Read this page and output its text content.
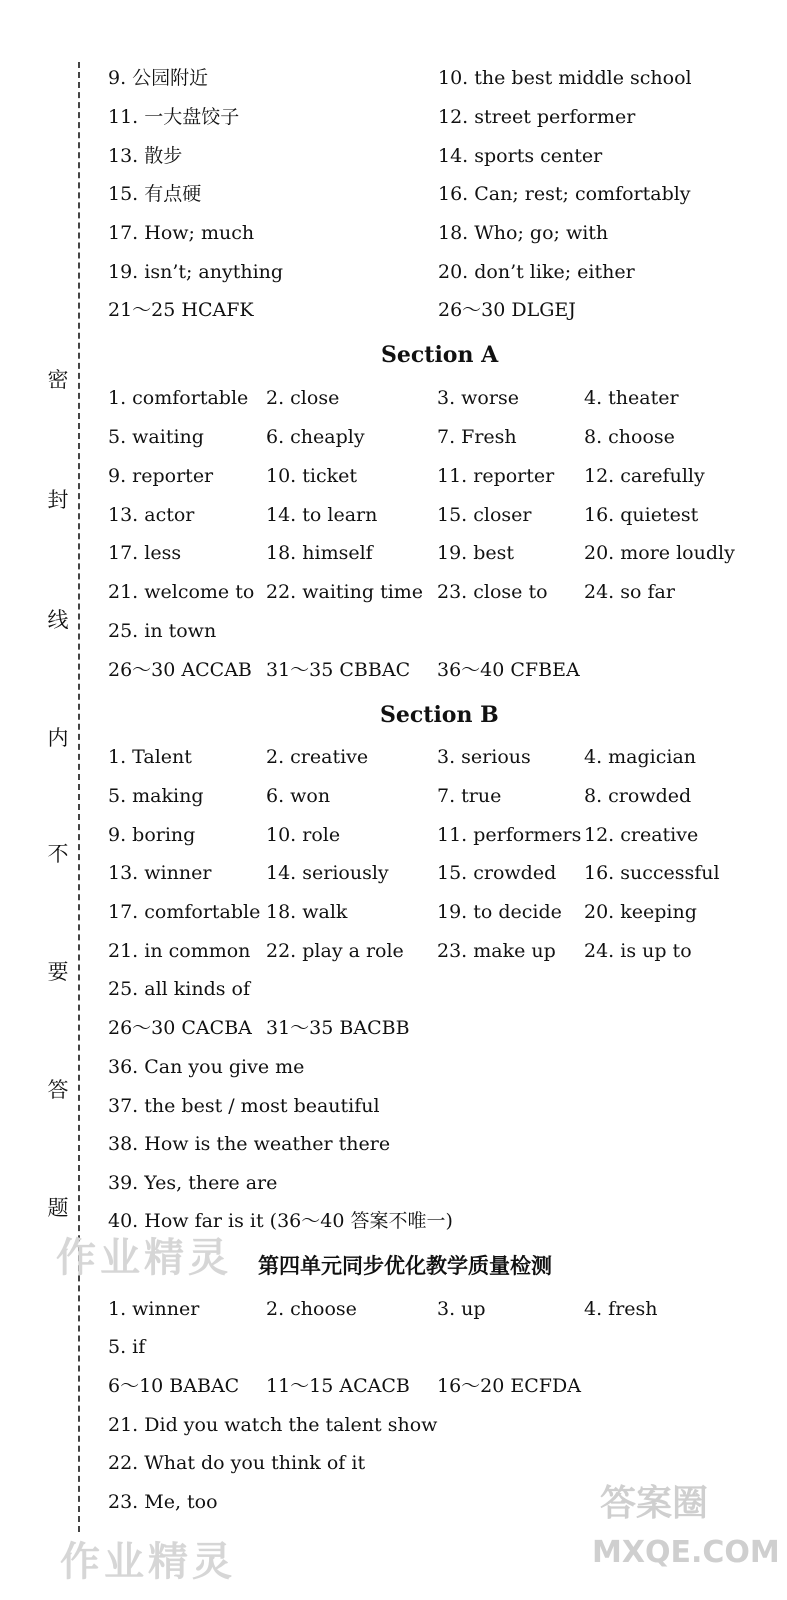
密
封
线
内
不
要
答
题
9. 公园附近	10. the best middle school
11. 一大盘饺子	12. street performer
13. 散步	14. sports center
15. 有点硬	16. Can; rest; comfortably
17. How; much	18. Who; go; with
19. isn’t; anything	20. don’t like; either
21～25 HCAFK	26～30 DLGEJ
Section A
1. comfortable 2. close	3. worse	4. theater
5. waiting	6. cheaply	7. Fresh	8. choose
9. reporter	10. ticket	11. reporter 12. carefully
13. actor	14. to learn	15. closer	16. quietest
17. less	18. himself	19. best	20. more loudly
21. welcome to 22. waiting time 23. close to 24. so far
25. in town
26～30 ACCAB 31～35 CBBAC 36～40 CFBEA
Section B
1. Talent	2. creative	3. serious	4. magician
5. making	6. won	7. true	8. crowded
9. boring	10. role	11. performers 12. creative
13. winner	14. seriously	15. crowded 16. successful
17. comfortable 18. walk	19. to decide 20. keeping
21. in common 22. play a role 23. make up 24. is up to
25. all kinds of
26～30 CACBA 31～35 BACBB
36. Can you give me
37. the best / most beautiful
38. How is the weather there
39. Yes, there are
40. How far is it (36～40 答案不唯一)
作业精灵 第四单元同步优化教学质量检测
1. winner	2. choose	3. up	4. fresh
5. if
6～10 BABAC 11～15 ACACB 16～20 ECFDA
21. Did you watch the talent show
22. What do you think of it
23. Me, too
作业精灵
答案圈
MXQE.COM
